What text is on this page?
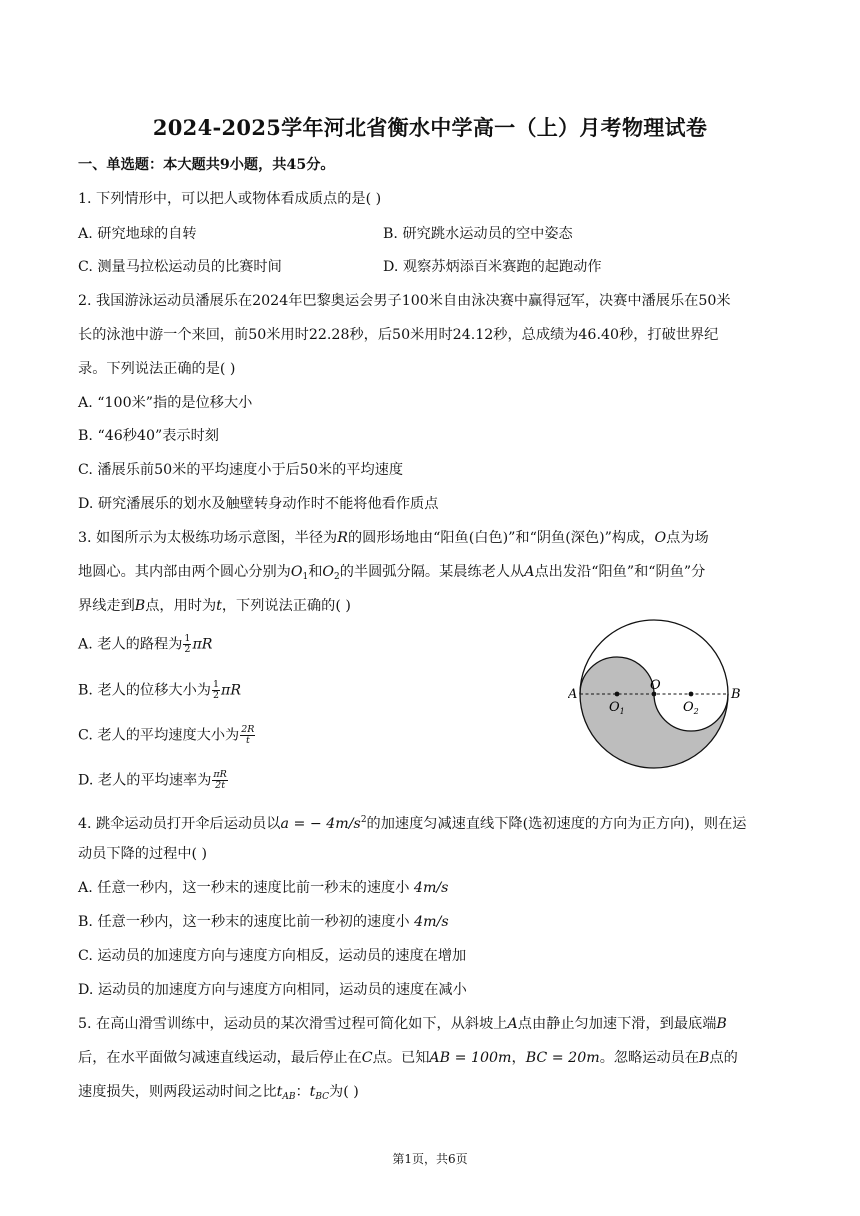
2024-2025学年河北省衡水中学高一（上）月考物理试卷
一、单选题：本大题共9小题，共45分。
1. 下列情形中，可以把人或物体看成质点的是( )
A. 研究地球的自转	B. 研究跳水运动员的空中姿态
C. 测量马拉松运动员的比赛时间	D. 观察苏炳添百米赛跑的起跑动作
2. 我国游泳运动员潘展乐在2024年巴黎奥运会男子100米自由泳决赛中赢得冠军，决赛中潘展乐在50米
长的泳池中游一个来回，前50米用时22.28秒，后50米用时24.12秒，总成绩为46.40秒，打破世界纪
录。下列说法正确的是( )
A. “100米”指的是位移大小
B. “46秒40”表示时刻
C. 潘展乐前50米的平均速度小于后50米的平均速度
D. 研究潘展乐的划水及触壁转身动作时不能将他看作质点
3. 如图所示为太极练功场示意图，半径为R的圆形场地由“阳鱼(白色)”和“阴鱼(深色)”构成，O点为场
地圆心。其内部由两个圆心分别为$O_1$和$O_2$的半圆弧分隔。某晨练老人从A点出发沿“阳鱼”和“阴鱼”分
界线走到B点，用时为t，下列说法正确的( )
A. 老人的路程为 $\frac{1}{2}$ πR
B. 老人的位移大小为 $\frac{1}{2}$ πR
C. 老人的平均速度大小为 $\frac{2R}{t}$
D. 老人的平均速率为 $\frac{\pi R}{2t}$
A	B
O
$O_1$	$O_2$
4. 跳伞运动员打开伞后运动员以a = − $4m/s^2$的加速度匀减速直线下降(选初速度的方向为正方向)，则在运
动员下降的过程中( )
A. 任意一秒内，这一秒末的速度比前一秒末的速度小 4m/s
B. 任意一秒内，这一秒末的速度比前一秒初的速度小 4m/s
C. 运动员的加速度方向与速度方向相反，运动员的速度在增加
D. 运动员的加速度方向与速度方向相同，运动员的速度在减小
5. 在高山滑雪训练中，运动员的某次滑雪过程可简化如下，从斜坡上A点由静止匀加速下滑，到最底端B
后，在水平面做匀减速直线运动，最后停止在C点。已知AB = 100m，BC = 20m。忽略运动员在B点的
速度损失，则两段运动时间之比$t_{AB}$：$t_{BC}$为( )
第1页，共6页
